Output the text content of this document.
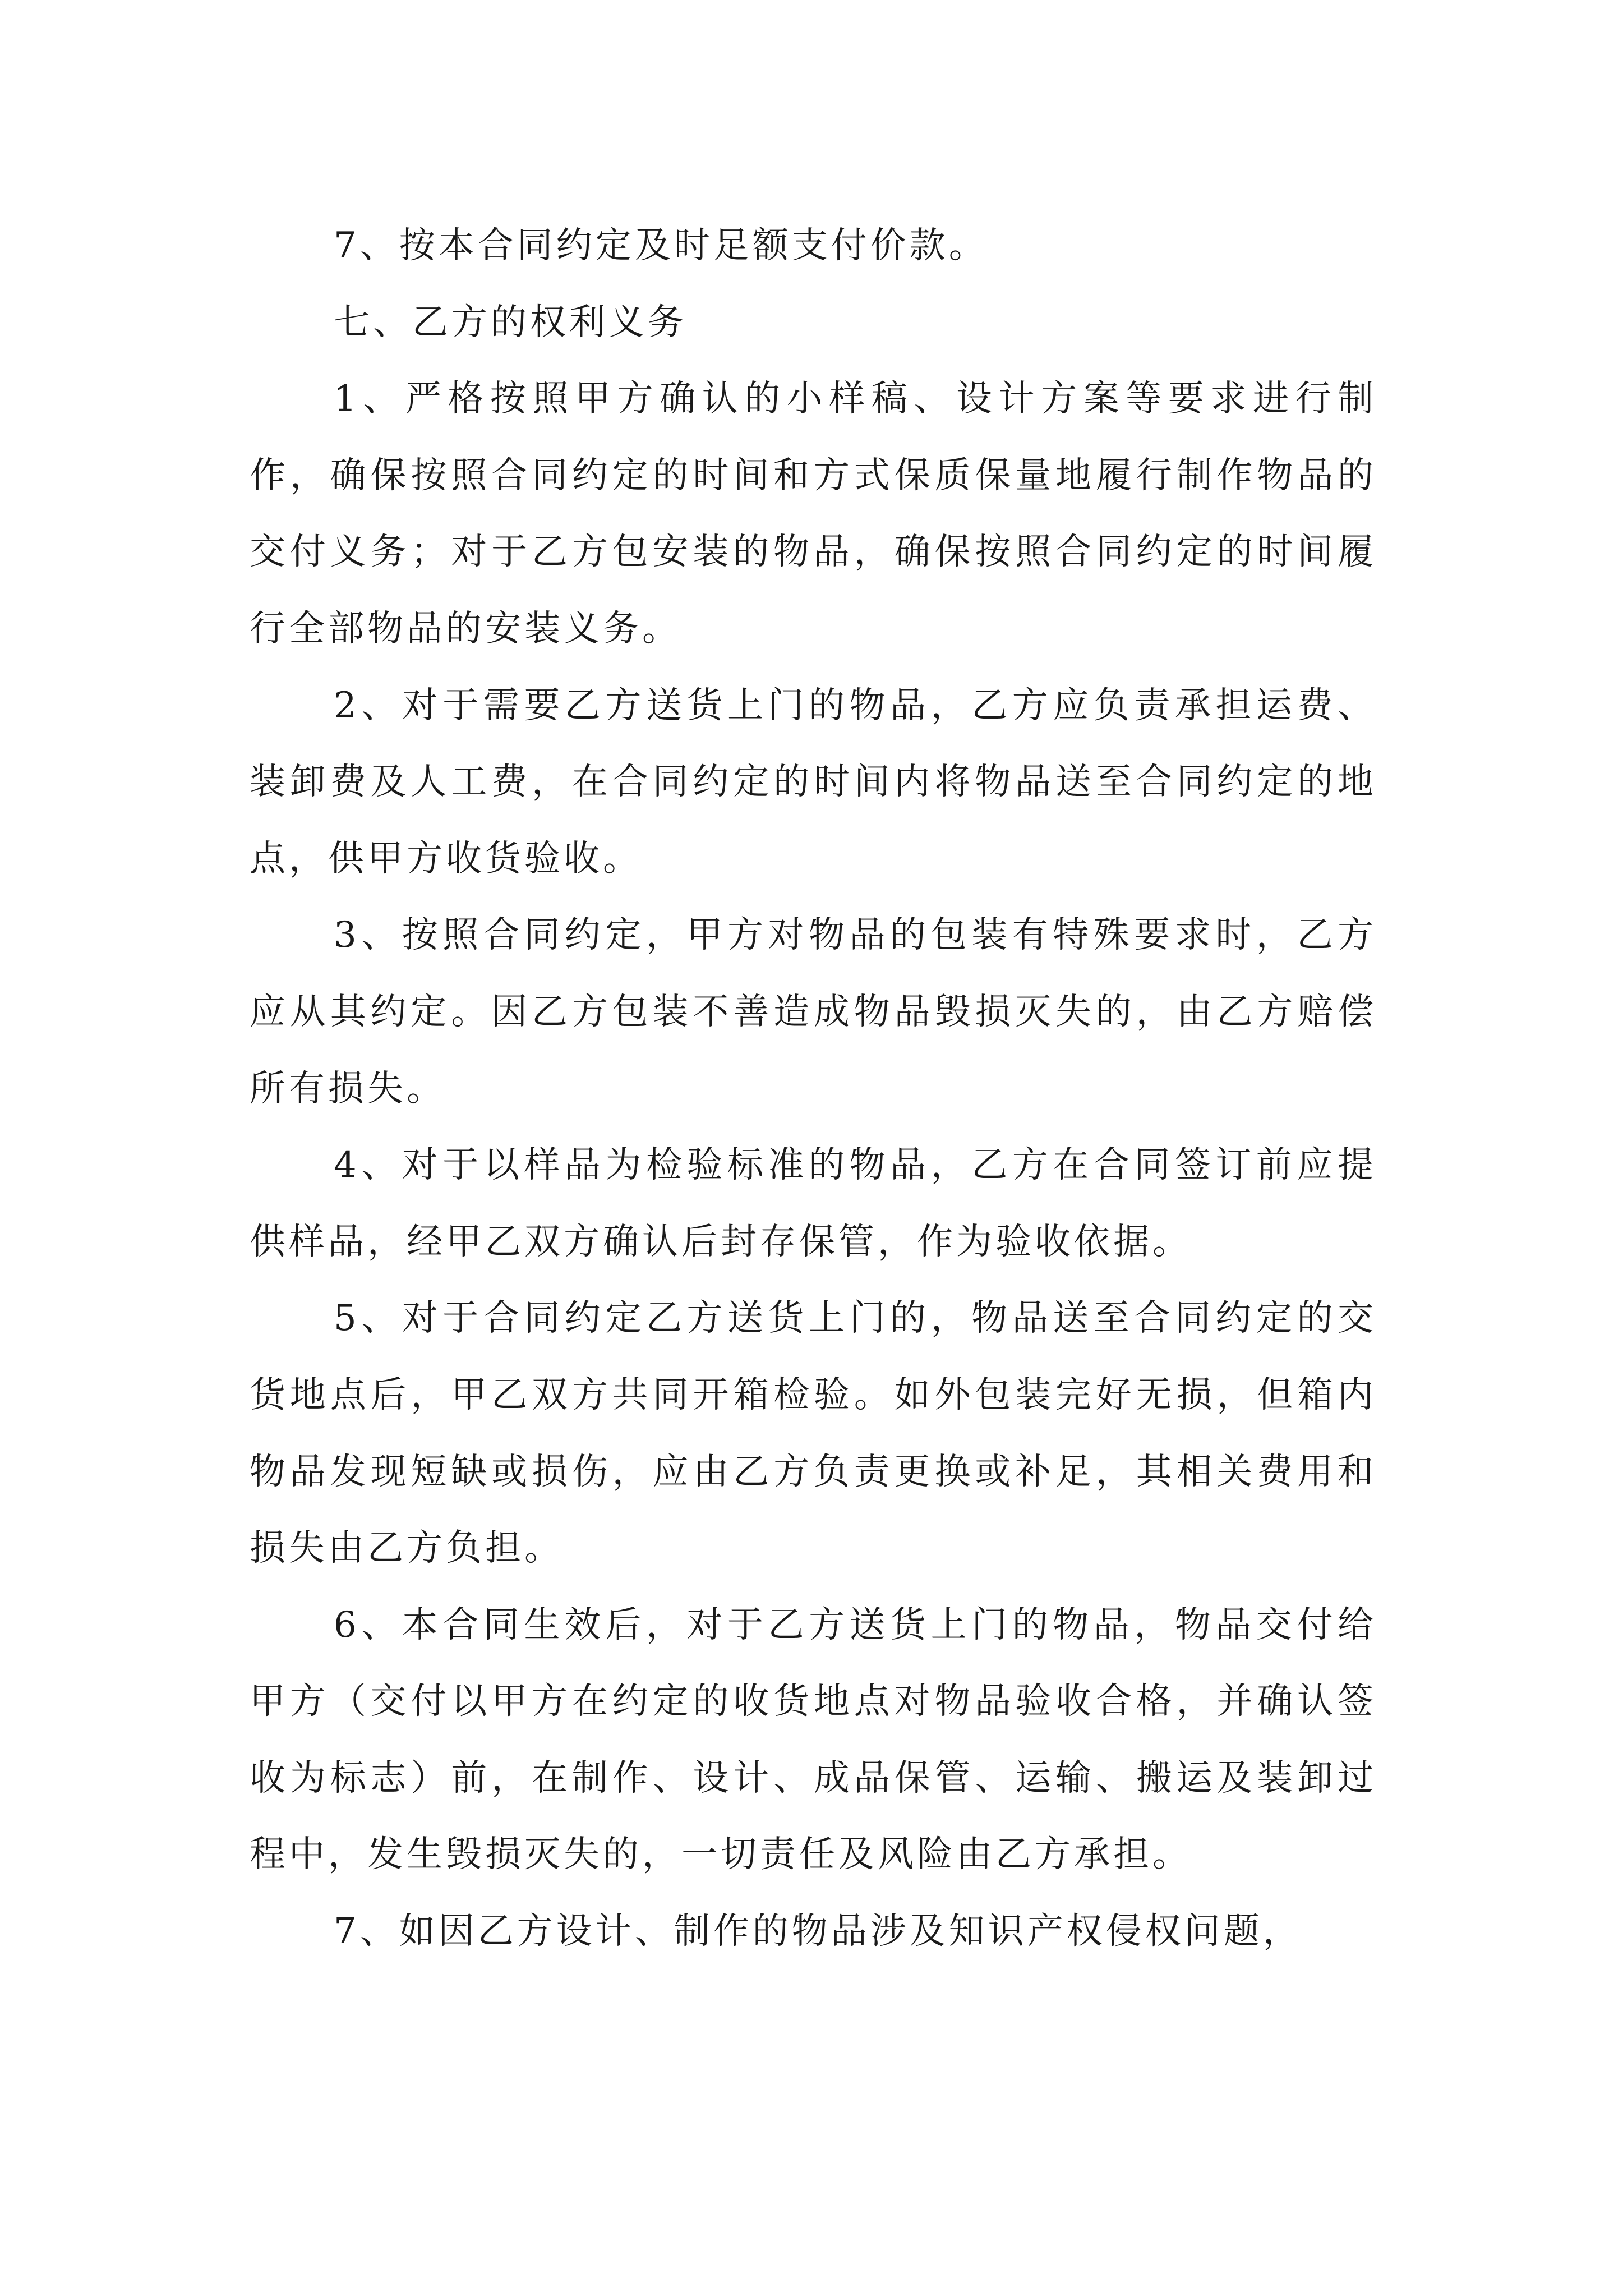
7、按本合同约定及时足额支付价款。

七、乙方的权利义务

1、严格按照甲方确认的小样稿、设计方案等要求进行制作，确保按照合同约定的时间和方式保质保量地履行制作物品的交付义务；对于乙方包安装的物品，确保按照合同约定的时间履行全部物品的安装义务。

2、对于需要乙方送货上门的物品，乙方应负责承担运费、装卸费及人工费，在合同约定的时间内将物品送至合同约定的地点，供甲方收货验收。

3、按照合同约定，甲方对物品的包装有特殊要求时，乙方应从其约定。因乙方包装不善造成物品毁损灭失的，由乙方赔偿所有损失。

4、对于以样品为检验标准的物品，乙方在合同签订前应提供样品，经甲乙双方确认后封存保管，作为验收依据。

5、对于合同约定乙方送货上门的，物品送至合同约定的交货地点后，甲乙双方共同开箱检验。如外包装完好无损，但箱内物品发现短缺或损伤，应由乙方负责更换或补足，其相关费用和损失由乙方负担。

6、本合同生效后，对于乙方送货上门的物品，物品交付给甲方（交付以甲方在约定的收货地点对物品验收合格，并确认签收为标志）前，在制作、设计、成品保管、运输、搬运及装卸过程中，发生毁损灭失的，一切责任及风险由乙方承担。

7、如因乙方设计、制作的物品涉及知识产权侵权问题，
